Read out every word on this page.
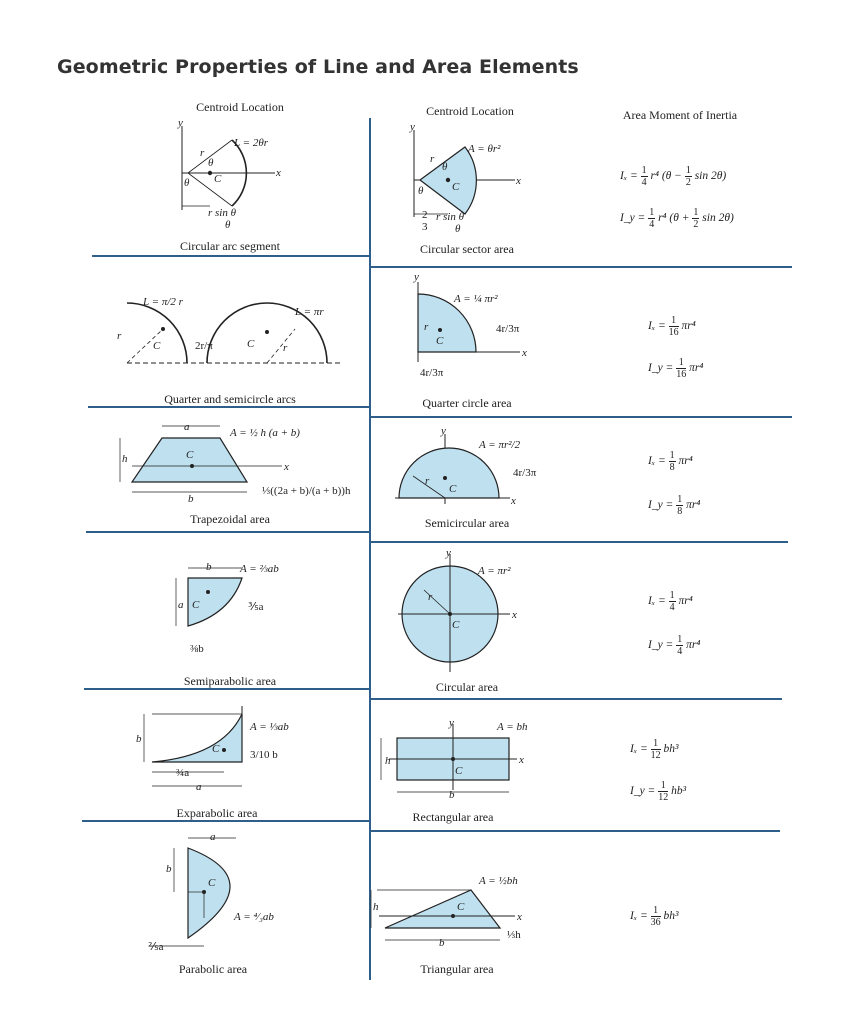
Geometric Properties of Line and Area Elements
Centroid Location	Centroid Location	Area Moment of Inertia
y
L = 2θr
r
θ
θ C	x
r sin θ
θ
Circular arc segment
y
A = θr²
r
θ
θ	C	x
2
3
r sin θ
θ
Circular sector area
$I_x = \frac{1}{4} r^4$ ($\theta - \frac{1}{2}$ sin 2θ)
I_y = $\frac{1}{4} r^4$ ($\theta + \frac{1}{2}$ sin 2θ)
L = π/2 r
L = πr
r
C	2r/π	C	r
Quarter and semicircle arcs
y
A = ¼ πr²
r
C
4r/3π
x
4r/3π
Quarter circle area
$I_x = \frac{1}{16} \pi r^4$
I_y = $\frac{1}{16} \pi r^4$
a	A = ½ h (a + b)
h	C
x
b
⅓((2a + b)/(a + b))h
Trapezoidal area
y
A = πr²/2
r
C
4r/3π
x
Semicircular area
$I_x = \frac{1}{8} \pi r^4$
I_y = $\frac{1}{8} \pi r^4$
b	A = ⅔ab
a C	⅗a
⅜b
Semiparabolic area
y
A = πr²
r
C
x
Circular area
$I_x = \frac{1}{4} \pi r^4$
I_y = $\frac{1}{4} \pi r^4$
A = ⅓ab
b
C	3/10 b
¾a
a
Exparabolic area
y	A = bh
h
C
x
b
Rectangular area
$I_x = \frac{1}{12} bh^3$
I_y = $\frac{1}{12} hb^3$
a
b
C
A = ⁴⁄₃ab
⅖a
Parabolic area
A = ½bh
h	C
x
b
⅓h
Triangular area
$I_x = \frac{1}{36} bh^3$
